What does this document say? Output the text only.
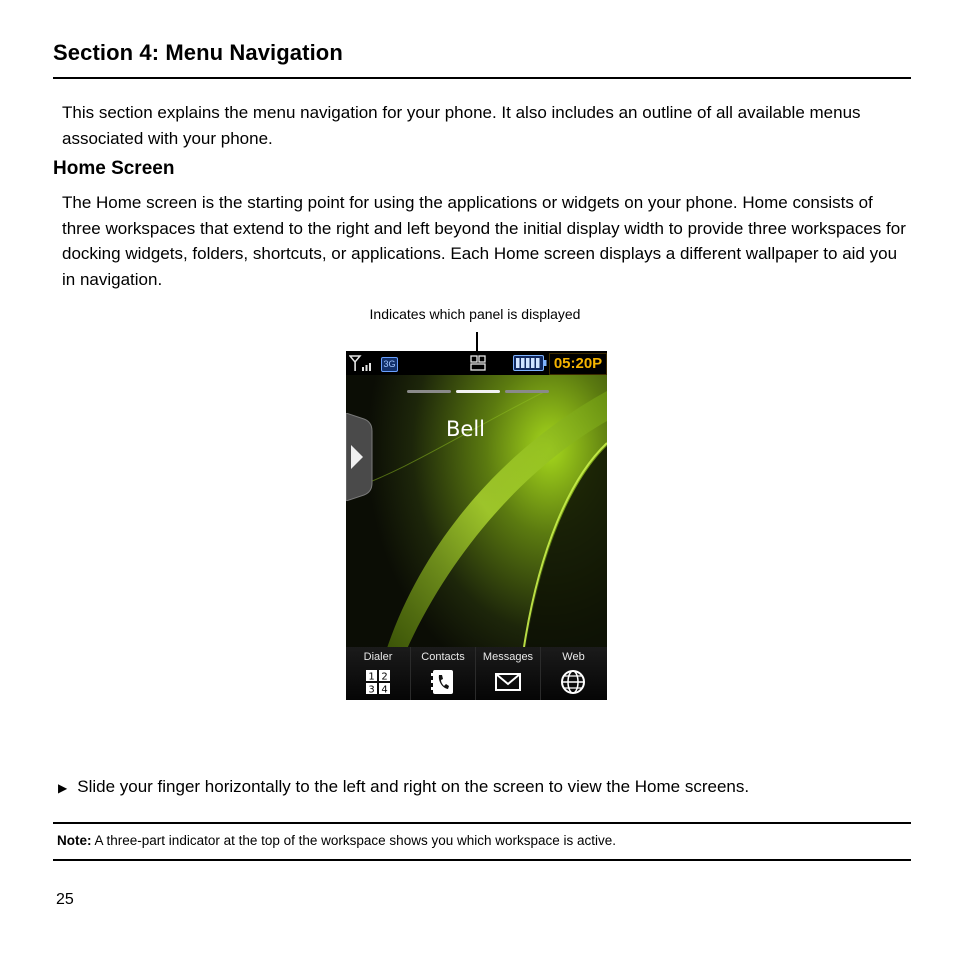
Section 4: Menu Navigation

This section explains the menu navigation for your phone. It also includes an outline of all available menus associated with your phone.

Home Screen

The Home screen is the starting point for using the applications or widgets on your phone. Home consists of three workspaces that extend to the right and left beyond the initial display width to provide three workspaces for docking widgets, folders, shortcuts, or applications. Each Home screen displays a different wallpaper to aid you in navigation.

Indicates which panel is displayed
3G	05:20P
Bell
Dialer
1 2
3 4
Contacts	Messages	Web
▶ Slide your finger horizontally to the left and right on the screen to view the Home screens.
Note: A three-part indicator at the top of the workspace shows you which workspace is active.
25
